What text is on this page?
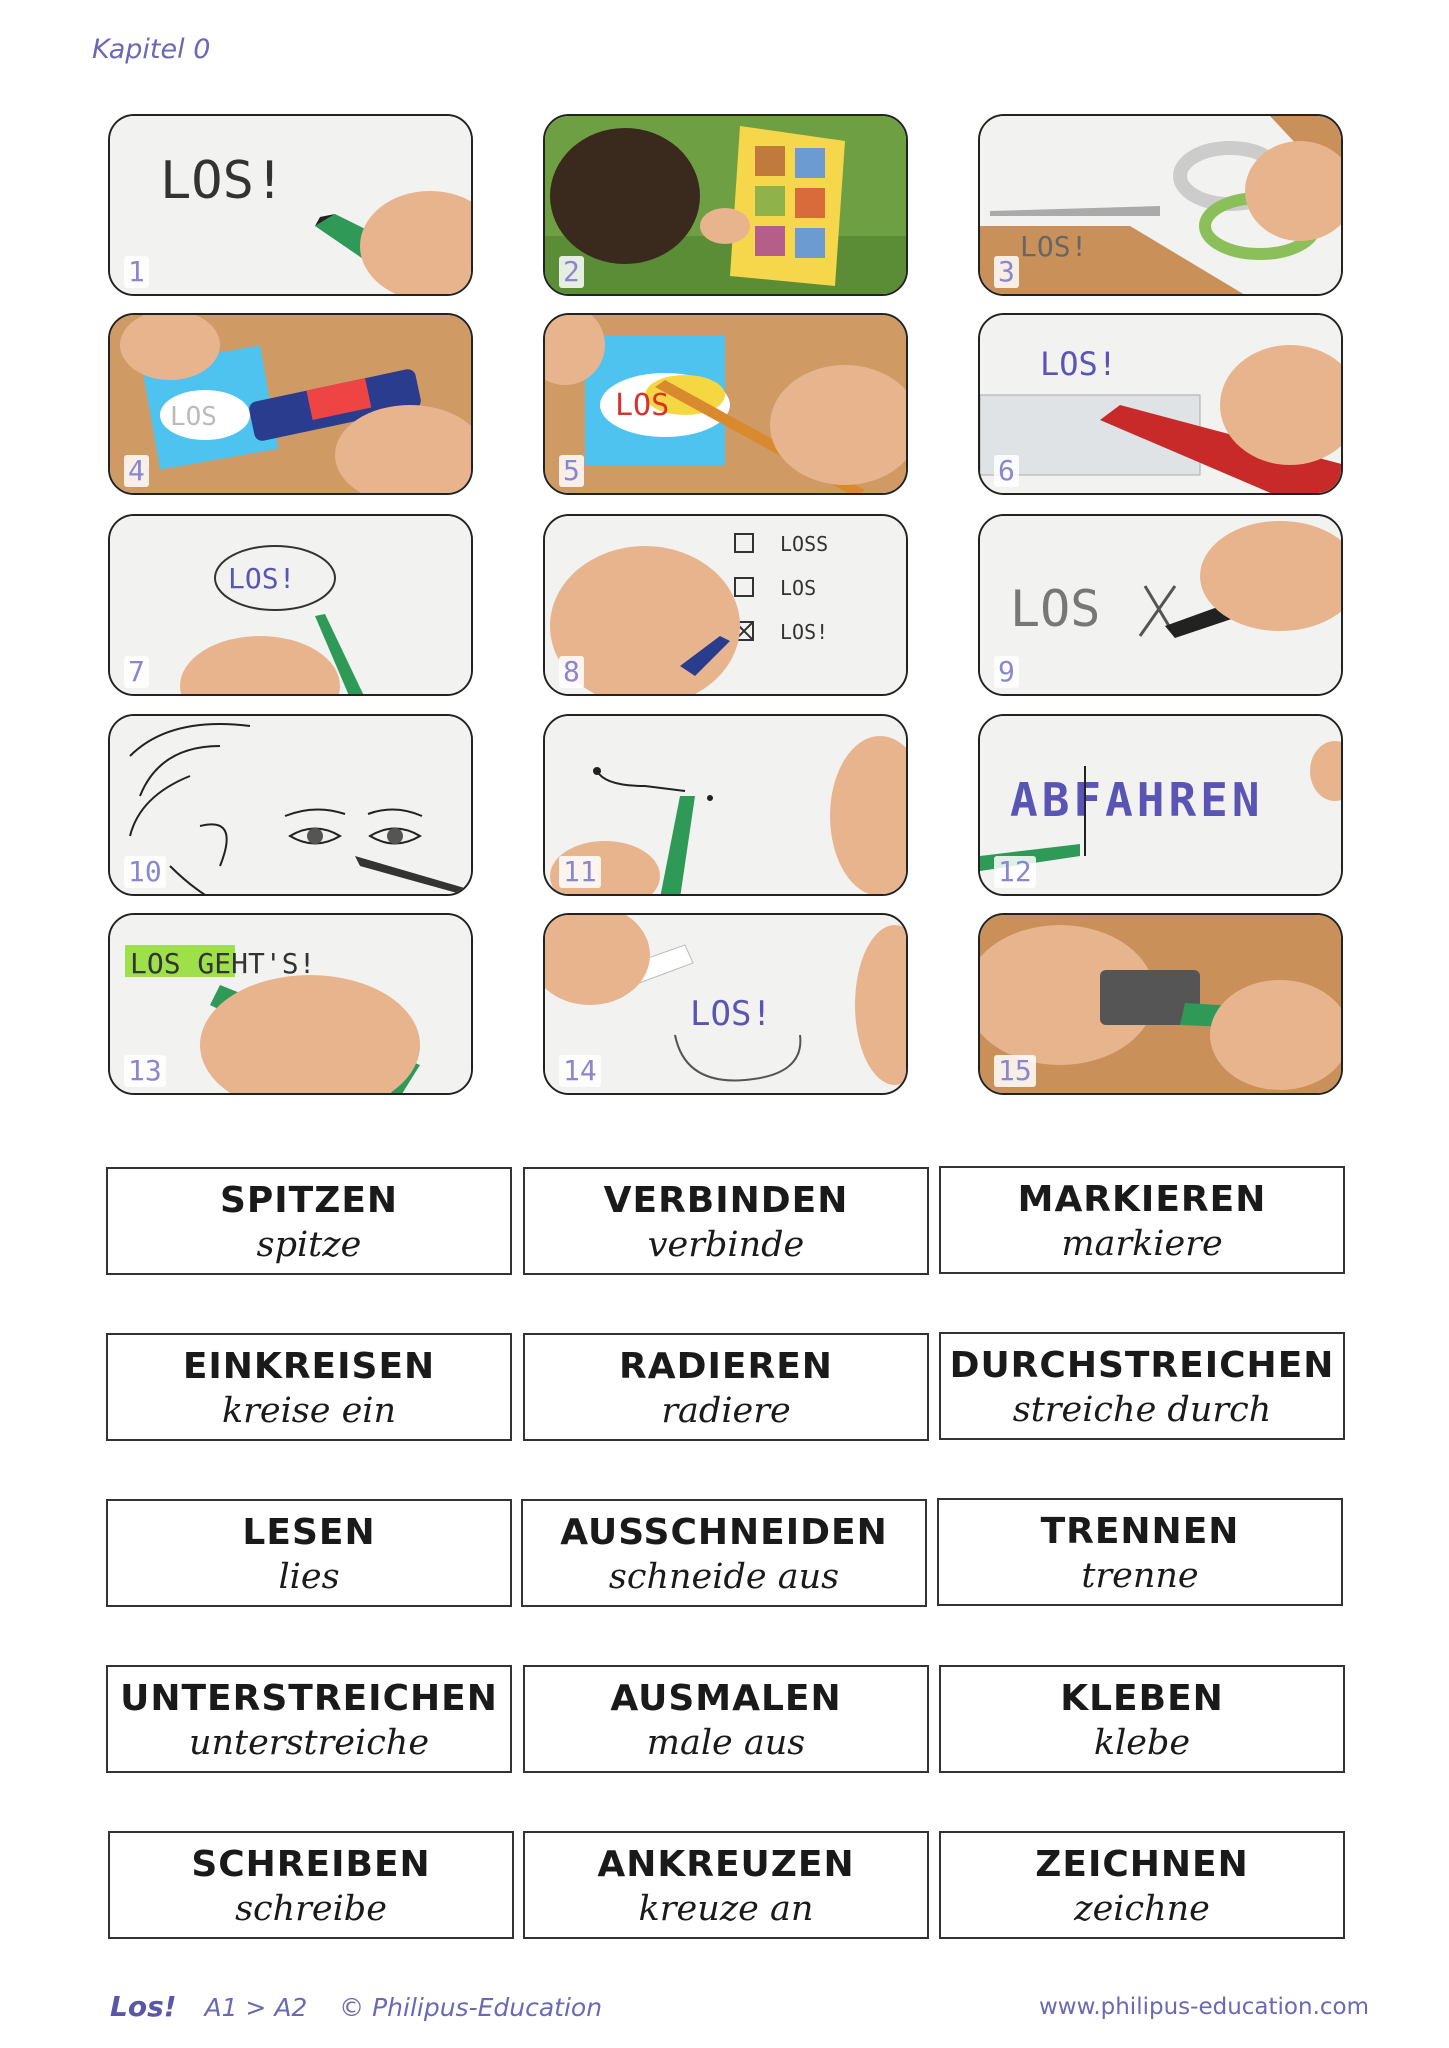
Kapitel 0
LOS!
1	2
LOS!
3
LOS
4
LOS
5
LOS!
6
LOS!
7
LOSS
LOS
LOS!
8
LOS
9
10	11
ABFAHREN
12
LOS GEHT'S!
13
LOS!
14	15
SPITZEN
spitze
VERBINDEN
verbinde
MARKIEREN
markiere
EINKREISEN
kreise ein
RADIEREN
radiere
DURCHSTREICHEN
streiche durch
LESEN
lies
AUSSCHNEIDEN
schneide aus
TRENNEN
trenne
UNTERSTREICHEN
unterstreiche
AUSMALEN
male aus
KLEBEN
klebe
SCHREIBEN
schreibe
ANKREUZEN
kreuze an
ZEICHNEN
zeichne
Los! A1 > A2 © Philipus-Education	www.philipus-education.com
